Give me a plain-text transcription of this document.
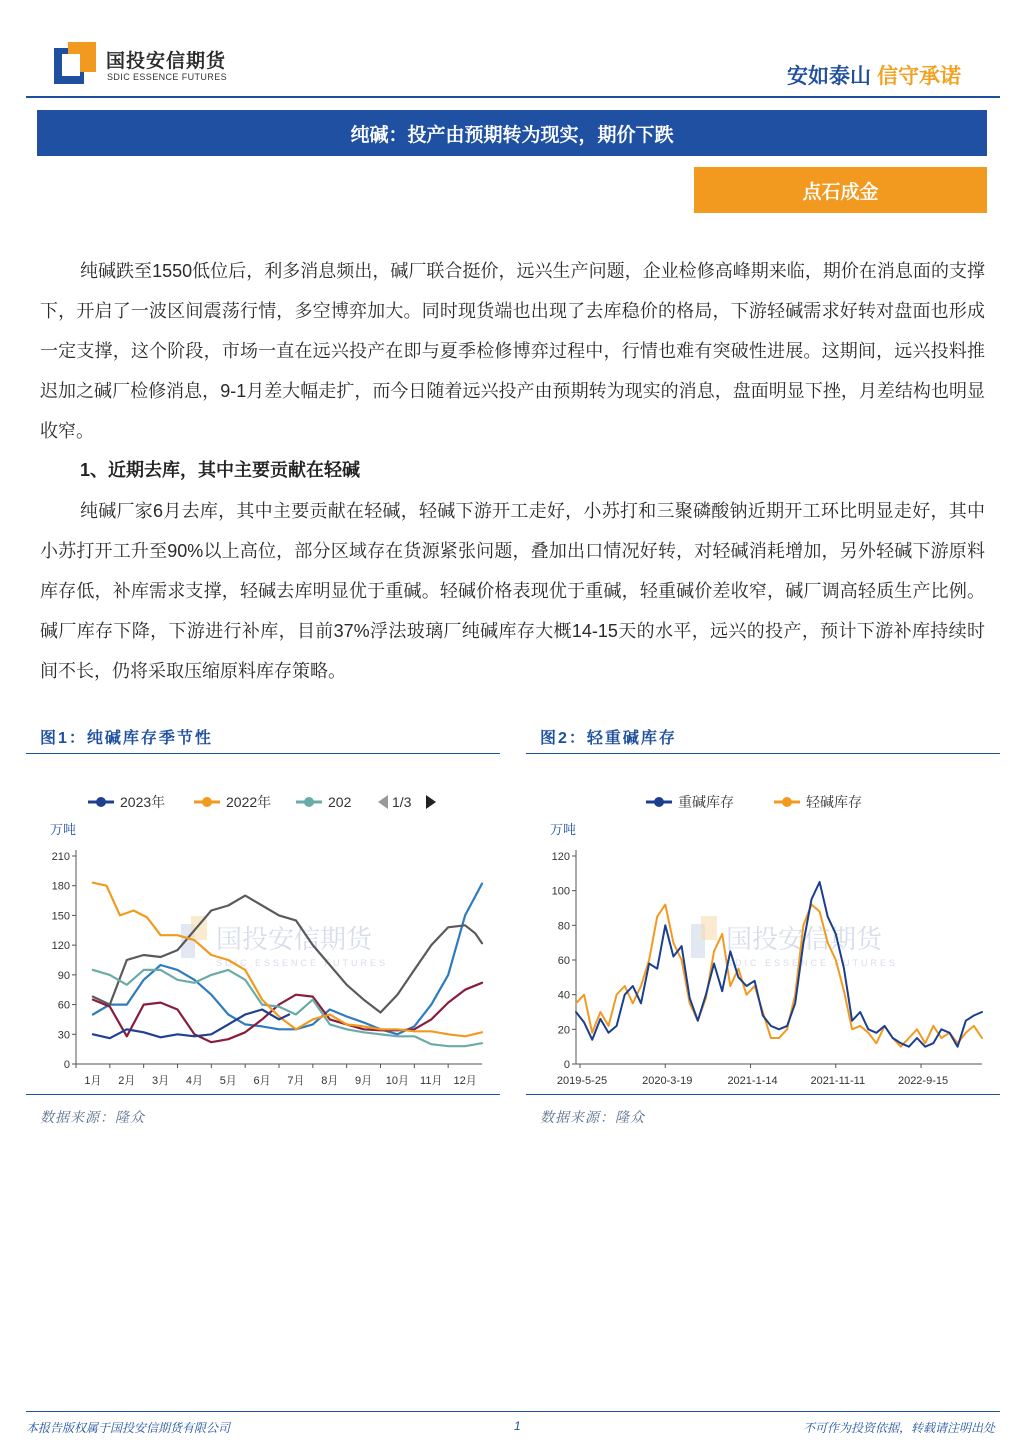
国投安信期货
SDIC ESSENCE FUTURES	安如泰山 信守承诺
纯碱：投产由预期转为现实，期价下跌
点石成金

纯碱跌至1550低位后，利多消息频出，碱厂联合挺价，远兴生产问题，企业检修高峰期来临，期价在消息面的支撑下，开启了一波区间震荡行情，多空博弈加大。同时现货端也出现了去库稳价的格局，下游轻碱需求好转对盘面也形成一定支撑，这个阶段，市场一直在远兴投产在即与夏季检修博弈过程中，行情也难有突破性进展。这期间，远兴投料推迟加之碱厂检修消息，9-1月差大幅走扩，而今日随着远兴投产由预期转为现实的消息，盘面明显下挫，月差结构也明显收窄。

1、近期去库，其中主要贡献在轻碱

纯碱厂家6月去库，其中主要贡献在轻碱，轻碱下游开工走好，小苏打和三聚磷酸钠近期开工环比明显走好，其中小苏打开工升至90%以上高位，部分区域存在货源紧张问题，叠加出口情况好转，对轻碱消耗增加，另外轻碱下游原料库存低，补库需求支撑，轻碱去库明显优于重碱。轻碱价格表现优于重碱，轻重碱价差收窄，碱厂调高轻质生产比例。碱厂库存下降，下游进行补库，目前37%浮法玻璃厂纯碱库存大概14-15天的水平，远兴的投产，预计下游补库持续时间不长，仍将采取压缩原料库存策略。

图1：纯碱库存季节性
国投安信期货
SDIC ESSENCE FUTURES
万吨
0
30
60
90
120
150
180
210
1月 2月 3月 4月 5月 6月 7月 8月 9月 10月 11月 12月
2023年	2022年	202	1/3
数据来源：隆众
图2：轻重碱库存
国投安信期货
SDIC ESSENCE FUTURES
万吨
0
20
40
60
80
100
120
2019-5-25	2020-3-19	2021-1-14	2021-11-11	2022-9-15
重碱库存	轻碱库存
数据来源：隆众
本报告版权属于国投安信期货有限公司	1	不可作为投资依据，转载请注明出处
